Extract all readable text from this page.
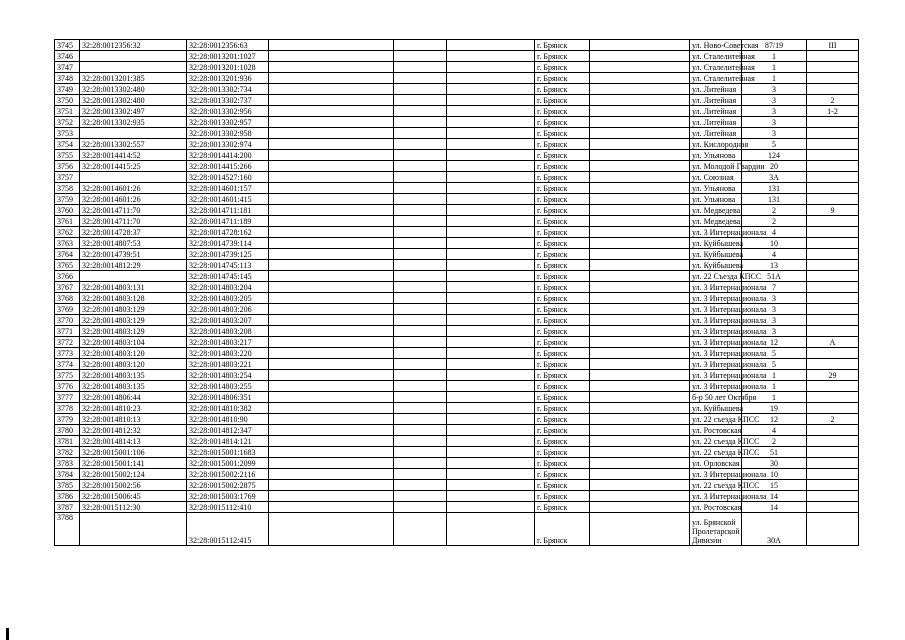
3745	32:28:0012356:32	32:28:0012356:63				г. Брянск		ул. Ново-Советская	87/19	III
3746		32:28:0013201:1027				г. Брянск		ул. Сталелитейная	1	
3747		32:28:0013201:1028				г. Брянск		ул. Сталелитейная	1	
3748	32:28:0013201:385	32:28:0013201:936				г. Брянск		ул. Сталелитейная	1	
3749	32:28:0013302:480	32:28:0013302:734				г. Брянск		ул. Литейная	3	
3750	32:28:0013302:480	32:28:0013302:737				г. Брянск		ул. Литейная	3	2
3751	32:28:0013302:497	32:28:0013302:956				г. Брянск		ул. Литейная	3	1-2
3752	32:28:0013302:935	32:28:0013302:957				г. Брянск		ул. Литейная	3	
3753		32:28:0013302:958				г. Брянск		ул. Литейная	3	
3754	32:28:0013302:557	32:28:0013302:974				г. Брянск		ул. Кислородная	5	
3755	32:28:0014414:52	32:28:0014414:200				г. Брянск		ул. Ульянова	124	
3756	32:28:0014415:25	32:28:0014415:266				г. Брянск		ул. Молодой Гвардии	20	
3757		32:28:0014527:160				г. Брянск		ул. Союзная	3А	
3758	32:28:0014601:26	32:28:0014601:157				г. Брянск		ул. Ульянова	131	
3759	32:28:0014601:26	32:28:0014601:415				г. Брянск		ул. Ульянова	131	
3760	32:28:0014711:70	32:28:0014711:181				г. Брянск		ул. Медведева	2	9
3761	32:28:0014711:70	32:28:0014711:189				г. Брянск		ул. Медведева	2	
3762	32:28:0014728:37	32:28:0014728:162				г. Брянск		ул. 3 Интернационала	4	
3763	32:28:0014807:53	32:28:0014739:114				г. Брянск		ул. Куйбышева	10	
3764	32:28:0014739:51	32:28:0014739:125				г. Брянск		ул. Куйбышева	4	
3765	32:28:0014812:29	32:28:0014745:113				г. Брянск		ул. Куйбышева	13	
3766		32:28:0014745:145				г. Брянск		ул. 22 Съезда КПСС	51А	
3767	32:28:0014803:131	32:28:0014803:204				г. Брянск		ул. 3 Интернационала	7	
3768	32:28:0014803:128	32:28:0014803:205				г. Брянск		ул. 3 Интернационала	3	
3769	32:28:0014803:129	32:28:0014803:206				г. Брянск		ул. 3 Интернационала	3	
3770	32:28:0014803:129	32:28:0014803:207				г. Брянск		ул. 3 Интернационала	3	
3771	32:28:0014803:129	32:28:0014803:208				г. Брянск		ул. 3 Интернационала	3	
3772	32:28:0014803:104	32:28:0014803:217				г. Брянск		ул. 3 Интернационала	12	А
3773	32:28:0014803:120	32:28:0014803:220				г. Брянск		ул. 3 Интернационала	5	
3774	32:28:0014803:120	32:28:0014803:221				г. Брянск		ул. 3 Интернационала	5	
3775	32:28:0014803:135	32:28:0014803:254				г. Брянск		ул. 3 Интернационала	1	29
3776	32:28:0014803:135	32:28:0014803:255				г. Брянск		ул. 3 Интернационала	1	
3777	32:28:0014806:44	32:28:0014806:351				г. Брянск		б-р 50 лет Октября	1	
3778	32:28:0014810:23	32:28:0014810:382				г. Брянск		ул. Куйбышева	19	
3779	32:28:0014810:13	32:28:0014810:90				г. Брянск		ул. 22 съезда КПСС	12	2
3780	32:28:0014812:32	32:28:0014812:347				г. Брянск		ул. Ростовская	4	
3781	32:28:0014814:13	32:28:0014814:121				г. Брянск		ул. 22 съезда КПСС	2	
3782	32:28:0015001:106	32:28:0015001:1683				г. Брянск		ул. 22 съезда КПСС	51	
3783	32:28:0015001:141	32:28:0015001:2099				г. Брянск		ул. Орловская	30	
3784	32:28:0015002:124	32:28:0015002:2116				г. Брянск		ул. 3 Интернационала	10	
3785	32:28:0015002:56	32:28:0015002:2875				г. Брянск		ул. 22 съезда КПСС	15	
3786	32:28:0015006:45	32:28:0015003:1769				г. Брянск		ул. 3 Интернационала	14	
3787	32:28:0015112:30	32:28:0015112:410				г. Брянск		ул. Ростовская	14	
3788		32:28:0015112:415				г. Брянск		ул. Брянской Пролетарской Дивизии	30А	
